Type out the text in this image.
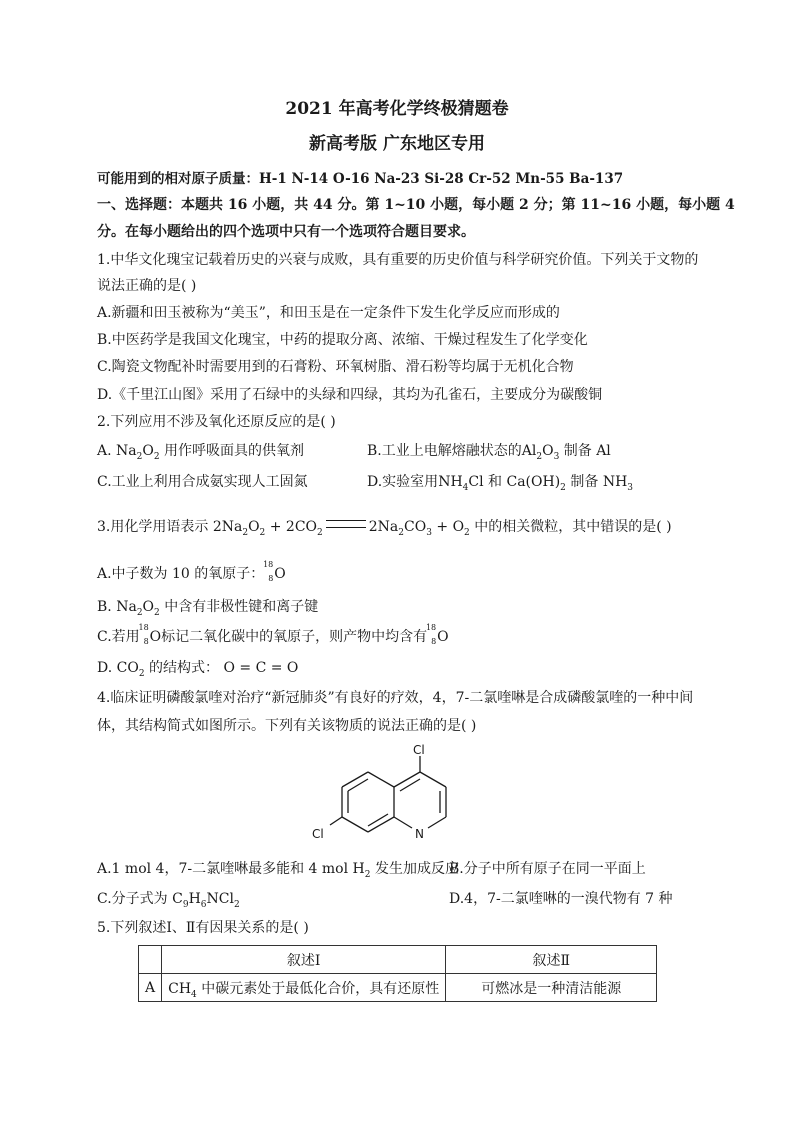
2021 年高考化学终极猜题卷
新高考版 广东地区专用
可能用到的相对原子质量：H-1 N-14 O-16 Na-23 Si-28 Cr-52 Mn-55 Ba-137
一、选择题：本题共 16 小题，共 44 分。第 1~10 小题，每小题 2 分；第 11~16 小题，每小题 4
分。在每小题给出的四个选项中只有一个选项符合题目要求。
1.中华文化瑰宝记载着历史的兴衰与成败，具有重要的历史价值与科学研究价值。下列关于文物的
说法正确的是( )
A.新疆和田玉被称为“美玉”，和田玉是在一定条件下发生化学反应而形成的
B.中医药学是我国文化瑰宝，中药的提取分离、浓缩、干燥过程发生了化学变化
C.陶瓷文物配补时需要用到的石膏粉、环氧树脂、滑石粉等均属于无机化合物
D.《千里江山图》采用了石绿中的头绿和四绿，其均为孔雀石，主要成分为碳酸铜
2.下列应用不涉及氧化还原反应的是( )
A. $Na_2O_2$ 用作呼吸面具的供氧剂	B.工业上电解熔融状态的$Al_2O_3$ 制备 Al
C.工业上利用合成氨实现人工固氮	D.实验室用$NH_4Cl$ 和 $Ca(OH)_2$ 制备 $NH_3$
3.用化学用语表示 $2Na_2O_2 + 2CO_2$	$2Na_2CO_3 + O_2$ 中的相关微粒，其中错误的是( )
A.中子数为 10 的氧原子：
18
8 O
B. $Na_2O_2$ 中含有非极性键和离子键
C.若用
18
8 O标记二氧化碳中的氧原子，则产物中均含有
18
8 O
D. $CO_2$ 的结构式： O = C = O
4.临床证明磷酸氯喹对治疗“新冠肺炎”有良好的疗效，4，7-二氯喹啉是合成磷酸氯喹的一种中间
体，其结构简式如图所示。下列有关该物质的说法正确的是( )
Cl
Cl	N
A.1 mol 4，7-二氯喹啉最多能和 4 mol $H_2$ 发生加成反应
B.分子中所有原子在同一平面上
C.分子式为 $C_9H_6NCl_2$	D.4，7-二氯喹啉的一溴代物有 7 种
5.下列叙述Ⅰ、Ⅱ有因果关系的是( )
	叙述Ⅰ	叙述Ⅱ
A	$CH_4$ 中碳元素处于最低化合价，具有还原性	可燃冰是一种清洁能源
